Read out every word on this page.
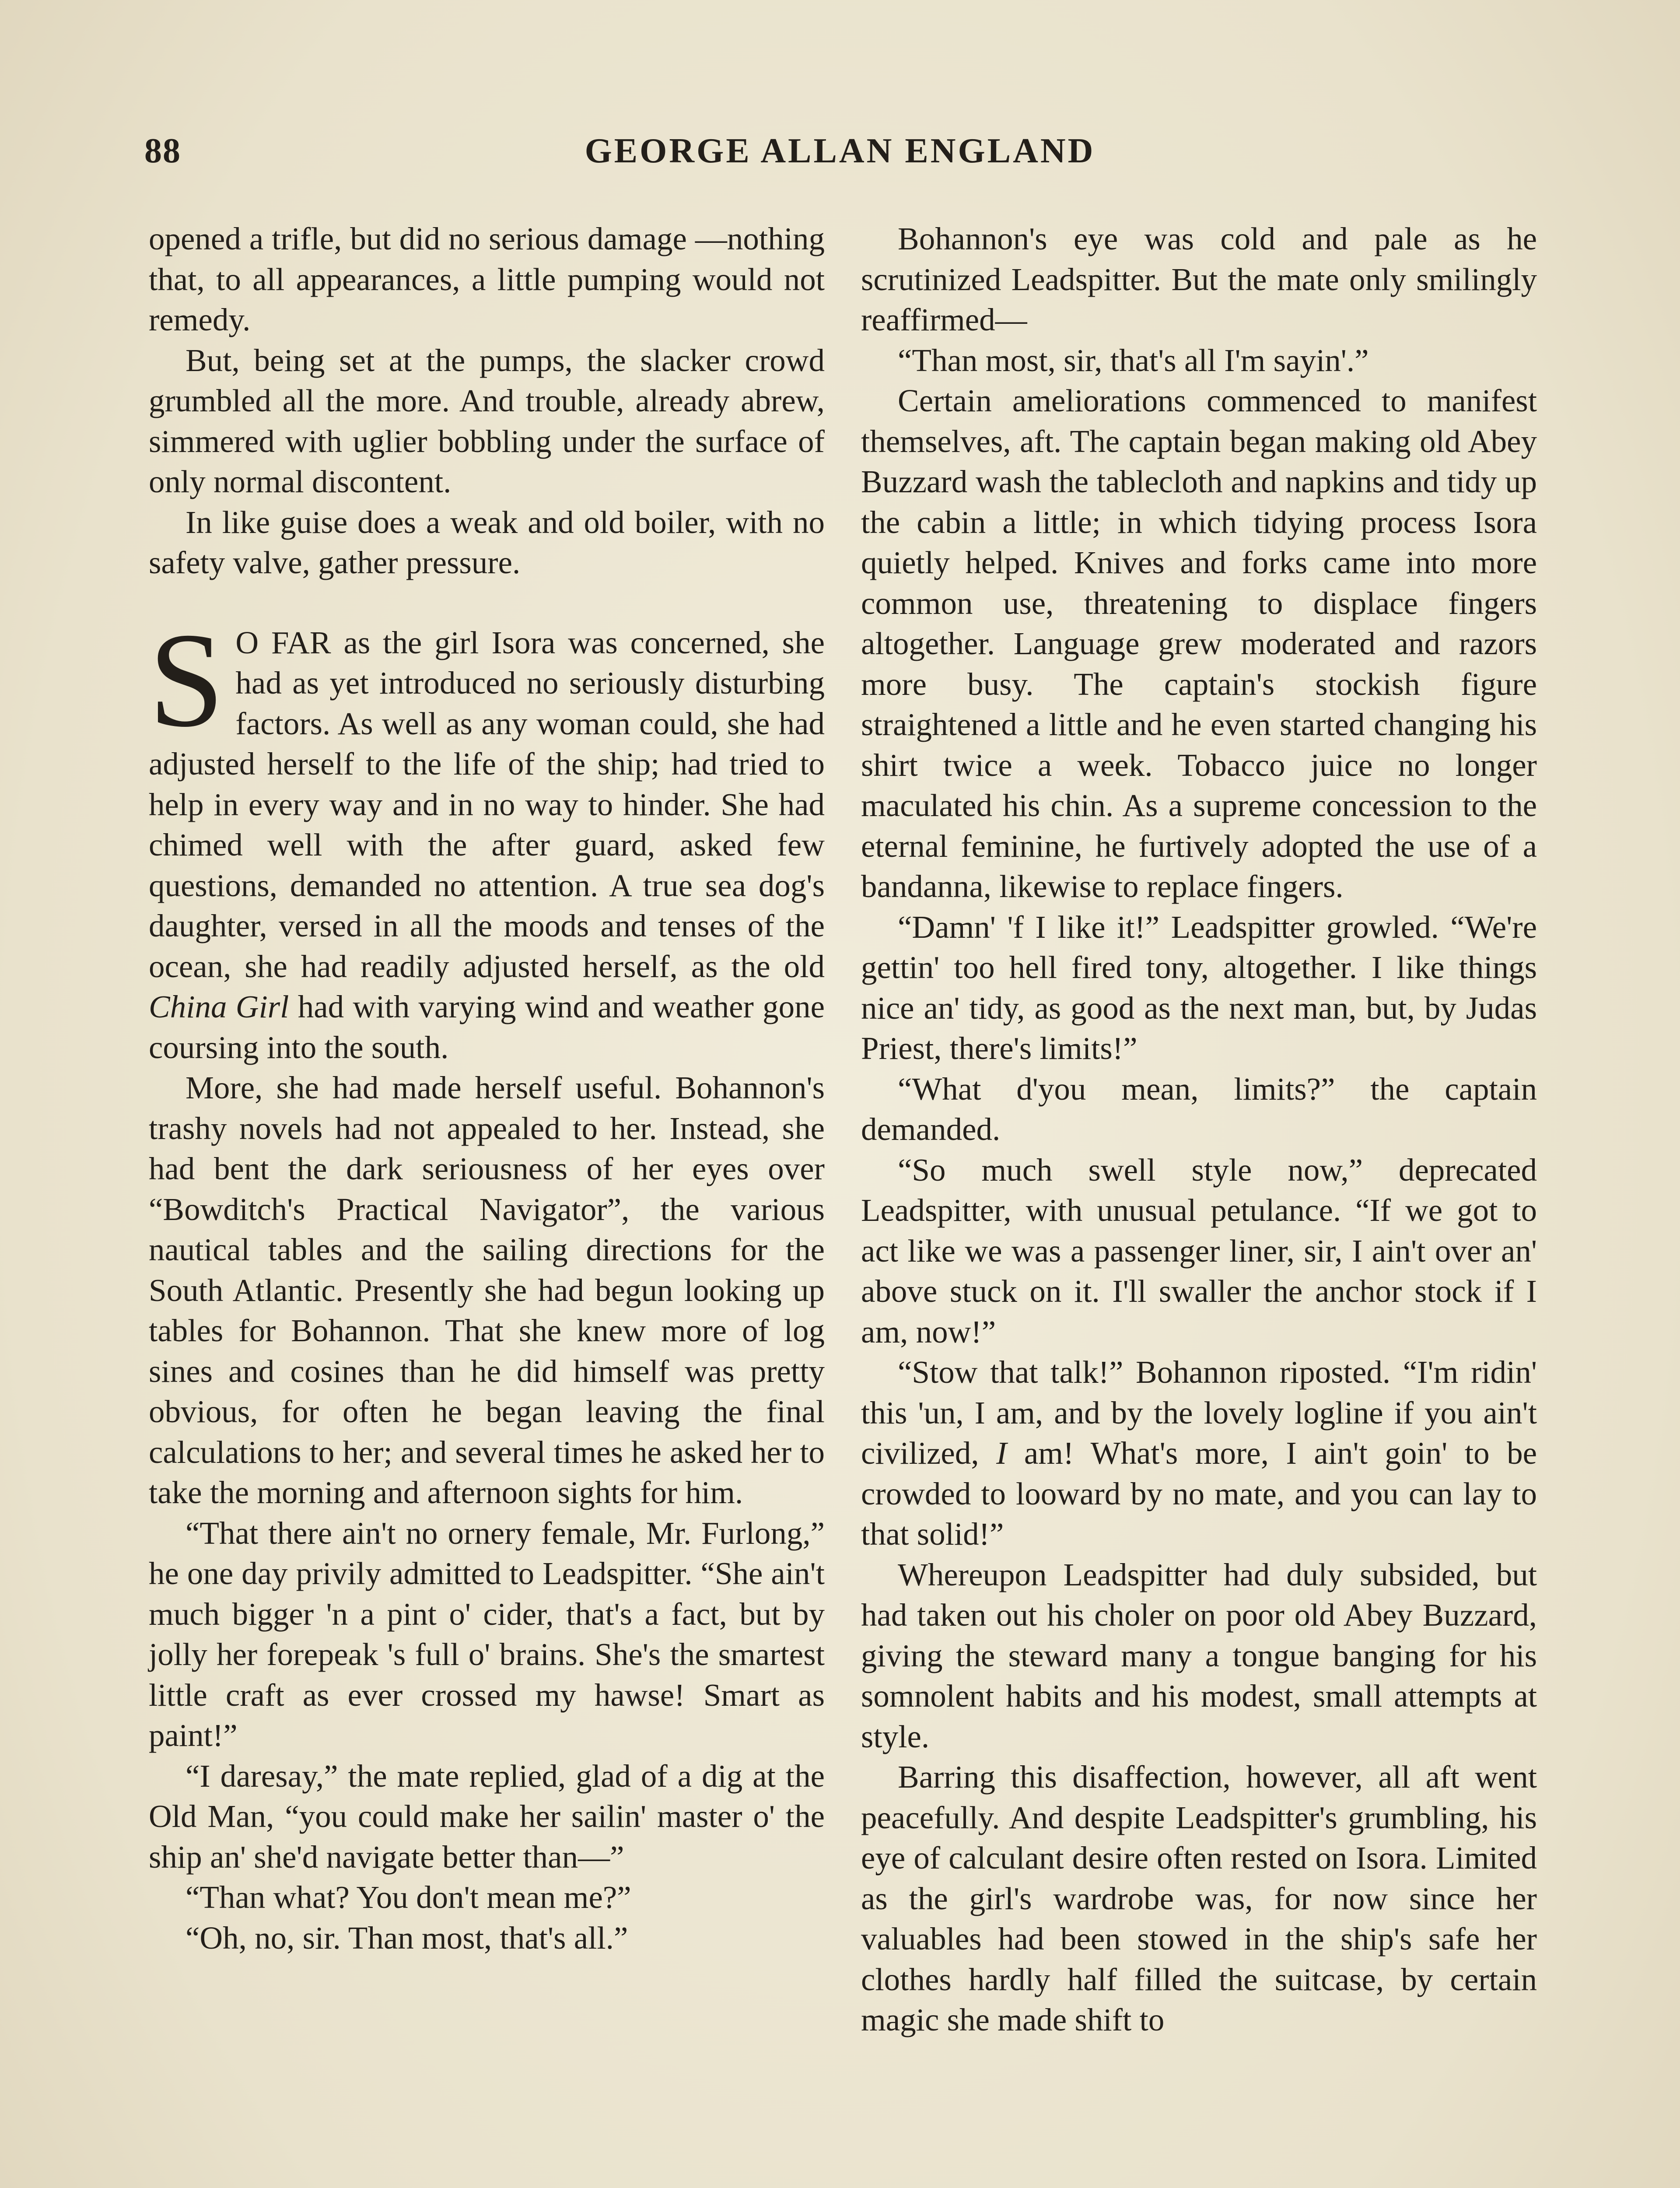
88	GEORGE ALLAN ENGLAND

opened a trifle, but did no serious damage —nothing that, to all appearances, a little pumping would not remedy.

But, being set at the pumps, the slacker crowd grumbled all the more. And trouble, already abrew, simmered with uglier bobbling under the surface of only normal discontent.

In like guise does a weak and old boiler, with no safety valve, gather pressure.

S O FAR as the girl Isora was concerned, she had as yet introduced no seriously disturbing factors. As well as any woman could, she had adjusted herself to the life of the ship; had tried to help in every way and in no way to hinder. She had chimed well with the after guard, asked few questions, demanded no attention. A true sea dog's daughter, versed in all the moods and tenses of the ocean, she had readily adjusted herself, as the old China Girl had with varying wind and weather gone coursing into the south.

More, she had made herself useful. Bohannon's trashy novels had not appealed to her. Instead, she had bent the dark seriousness of her eyes over “Bowditch's Practical Navigator”, the various nautical tables and the sailing directions for the South Atlantic. Presently she had begun looking up tables for Bohannon. That she knew more of log sines and cosines than he did himself was pretty obvious, for often he began leaving the final calculations to her; and several times he asked her to take the morning and afternoon sights for him.

“That there ain't no ornery female, Mr. Furlong,” he one day privily admitted to Leadspitter. “She ain't much bigger 'n a pint o' cider, that's a fact, but by jolly her forepeak 's full o' brains. She's the smartest little craft as ever crossed my hawse! Smart as paint!”

“I daresay,” the mate replied, glad of a dig at the Old Man, “you could make her sailin' master o' the ship an' she'd navigate better than—”

“Than what? You don't mean me?”

“Oh, no, sir. Than most, that's all.”

Bohannon's eye was cold and pale as he scrutinized Leadspitter. But the mate only smilingly reaffirmed—

“Than most, sir, that's all I'm sayin'.”

Certain ameliorations commenced to manifest themselves, aft. The captain began making old Abey Buzzard wash the tablecloth and napkins and tidy up the cabin a little; in which tidying process Isora quietly helped. Knives and forks came into more common use, threatening to displace fingers altogether. Language grew moderated and razors more busy. The captain's stockish figure straightened a little and he even started changing his shirt twice a week. Tobacco juice no longer maculated his chin. As a supreme concession to the eternal feminine, he furtively adopted the use of a bandanna, likewise to replace fingers.

“Damn' 'f I like it!” Leadspitter growled. “We're gettin' too hell fired tony, altogether. I like things nice an' tidy, as good as the next man, but, by Judas Priest, there's limits!”

“What d'you mean, limits?” the captain demanded.

“So much swell style now,” deprecated Leadspitter, with unusual petulance. “If we got to act like we was a passenger liner, sir, I ain't over an' above stuck on it. I'll swaller the anchor stock if I am, now!”

“Stow that talk!” Bohannon riposted. “I'm ridin' this 'un, I am, and by the lovely logline if you ain't civilized, I am! What's more, I ain't goin' to be crowded to looward by no mate, and you can lay to that solid!”

Whereupon Leadspitter had duly subsided, but had taken out his choler on poor old Abey Buzzard, giving the steward many a tongue banging for his somnolent habits and his modest, small attempts at style.

Barring this disaffection, however, all aft went peacefully. And despite Leadspitter's grumbling, his eye of calculant desire often rested on Isora. Limited as the girl's wardrobe was, for now since her valuables had been stowed in the ship's safe her clothes hardly half filled the suitcase, by certain magic she made shift to
